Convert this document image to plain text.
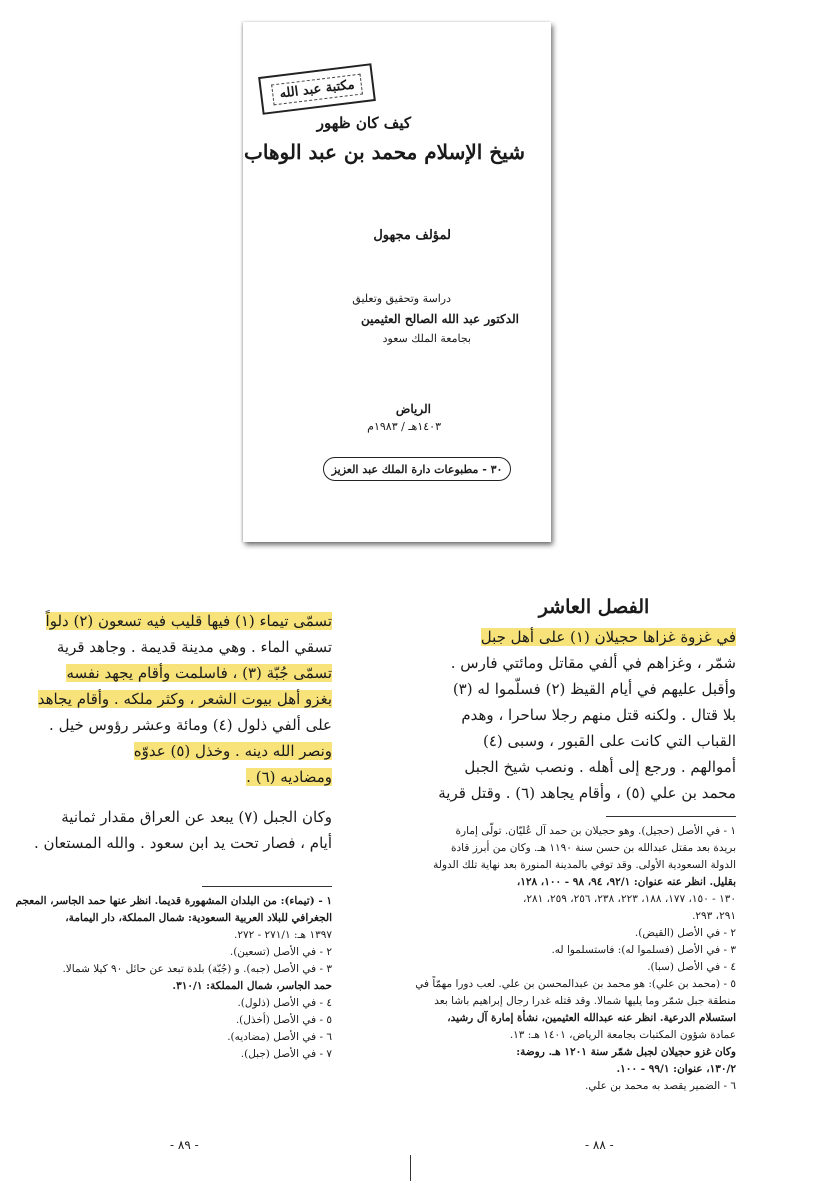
مكتبة عبد الله
كيف كان ظهور
شيخ الإسلام محمد بن عبد الوهاب
لمؤلف مجهول
دراسة وتحقيق وتعليق
الدكتور عبد الله الصالح العثيمين
بجامعة الملك سعود
الرياض
١٤٠٣هـ / ١٩٨٣م
٣٠ - مطبوعات دارة الملك عبد العزيز
الفصل العاشر
في غزوة غزاها حجيلان (١) على أهل جبل
شمّر ، وغزاهم في ألفي مقاتل ومائتي فارس .
وأقبل عليهم في أيام القيظ (٢) فسلّموا له (٣)
بلا قتال . ولكنه قتل منهم رجلا ساحرا ، وهدم
القباب التي كانت على القبور ، وسبى (٤)
أموالهم . ورجع إلى أهله . ونصب شيخ الجبل
محمد بن علي (٥) ، وأقام يجاهد (٦) . وقتل قرية
١ - في الأصل (حجيل). وهو حجيلان بن حمد آل عُليّان. تولّى إمارة
بريدة بعد مقتل عبدالله بن حسن سنة ١١٩٠ هـ. وكان من أبرز قادة
الدولة السعودية الأولى. وقد توفي بالمدينة المنورة بعد نهاية تلك الدولة
بقليل. انظر عنه عنوان: ٩٢/١، ٩٤، ٩٨ - ١٠٠، ١٢٨،
١٣٠ - ١٥٠، ١٧٧، ١٨٨، ٢٢٣، ٢٣٨، ٢٥٦، ٢٥٩، ٢٨١،
٢٩١، ٢٩٣.
٢ - في الأصل (القيض).
٣ - في الأصل (فسلموا له): فاستسلموا له.
٤ - في الأصل (سبا).
٥ - (محمد بن علي): هو محمد بن عبدالمحسن بن علي. لعب دورا مهمّاً في
منطقة جبل شمّر وما يليها شمالا. وقد قتله غدرا رجال إبراهيم باشا بعد
استسلام الدرعية. انظر عنه عبدالله العثيمين، نشأة إمارة آل رشيد،
عمادة شؤون المكتبات بجامعة الرياض، ١٤٠١ هـ: ١٣.
وكان غزو حجيلان لجبل شمّر سنة ١٢٠١ هـ. روضة:
١٣٠/٢، عنوان: ٩٩/١ - ١٠٠.
٦ - الضمير يقصد به محمد بن علي.
تسمّى تيماء (١) فيها قليب فيه تسعون (٢) دلواً
تسقي الماء . وهي مدينة قديمة . وجاهد قرية
تسمّى جُبّة (٣) ، فاسلمت وأقام يجهد نفسه
بغزو أهل بيوت الشعر ، وكثر ملكه . وأقام يجاهد
على ألفي ذلول (٤) ومائة وعشر رؤوس خيل .
ونصر الله دينه . وخذل (٥) عدوّه
ومضاديه (٦) .
وكان الجبل (٧) يبعد عن العراق مقدار ثمانية
أيام ، فصار تحت يد ابن سعود . والله المستعان .
١ - (تيماء): من البلدان المشهورة قديما. انظر عنها حمد الجاسر، المعجم
الجغرافي للبلاد العربية السعودية: شمال المملكة، دار اليمامة،
١٣٩٧ هـ: ٢٧١/١ - ٢٧٢.
٢ - في الأصل (تسعين).
٣ - في الأصل (جبه). و (جُبّة) بلدة تبعد عن حائل ٩٠ كيلا شمالا.
حمد الجاسر، شمال المملكة: ٣١٠/١.
٤ - في الأصل (ذلول).
٥ - في الأصل (أخذل).
٦ - في الأصل (مضاديه).
٧ - في الأصل (جبل).
- ٨٩ -	- ٨٨ -
